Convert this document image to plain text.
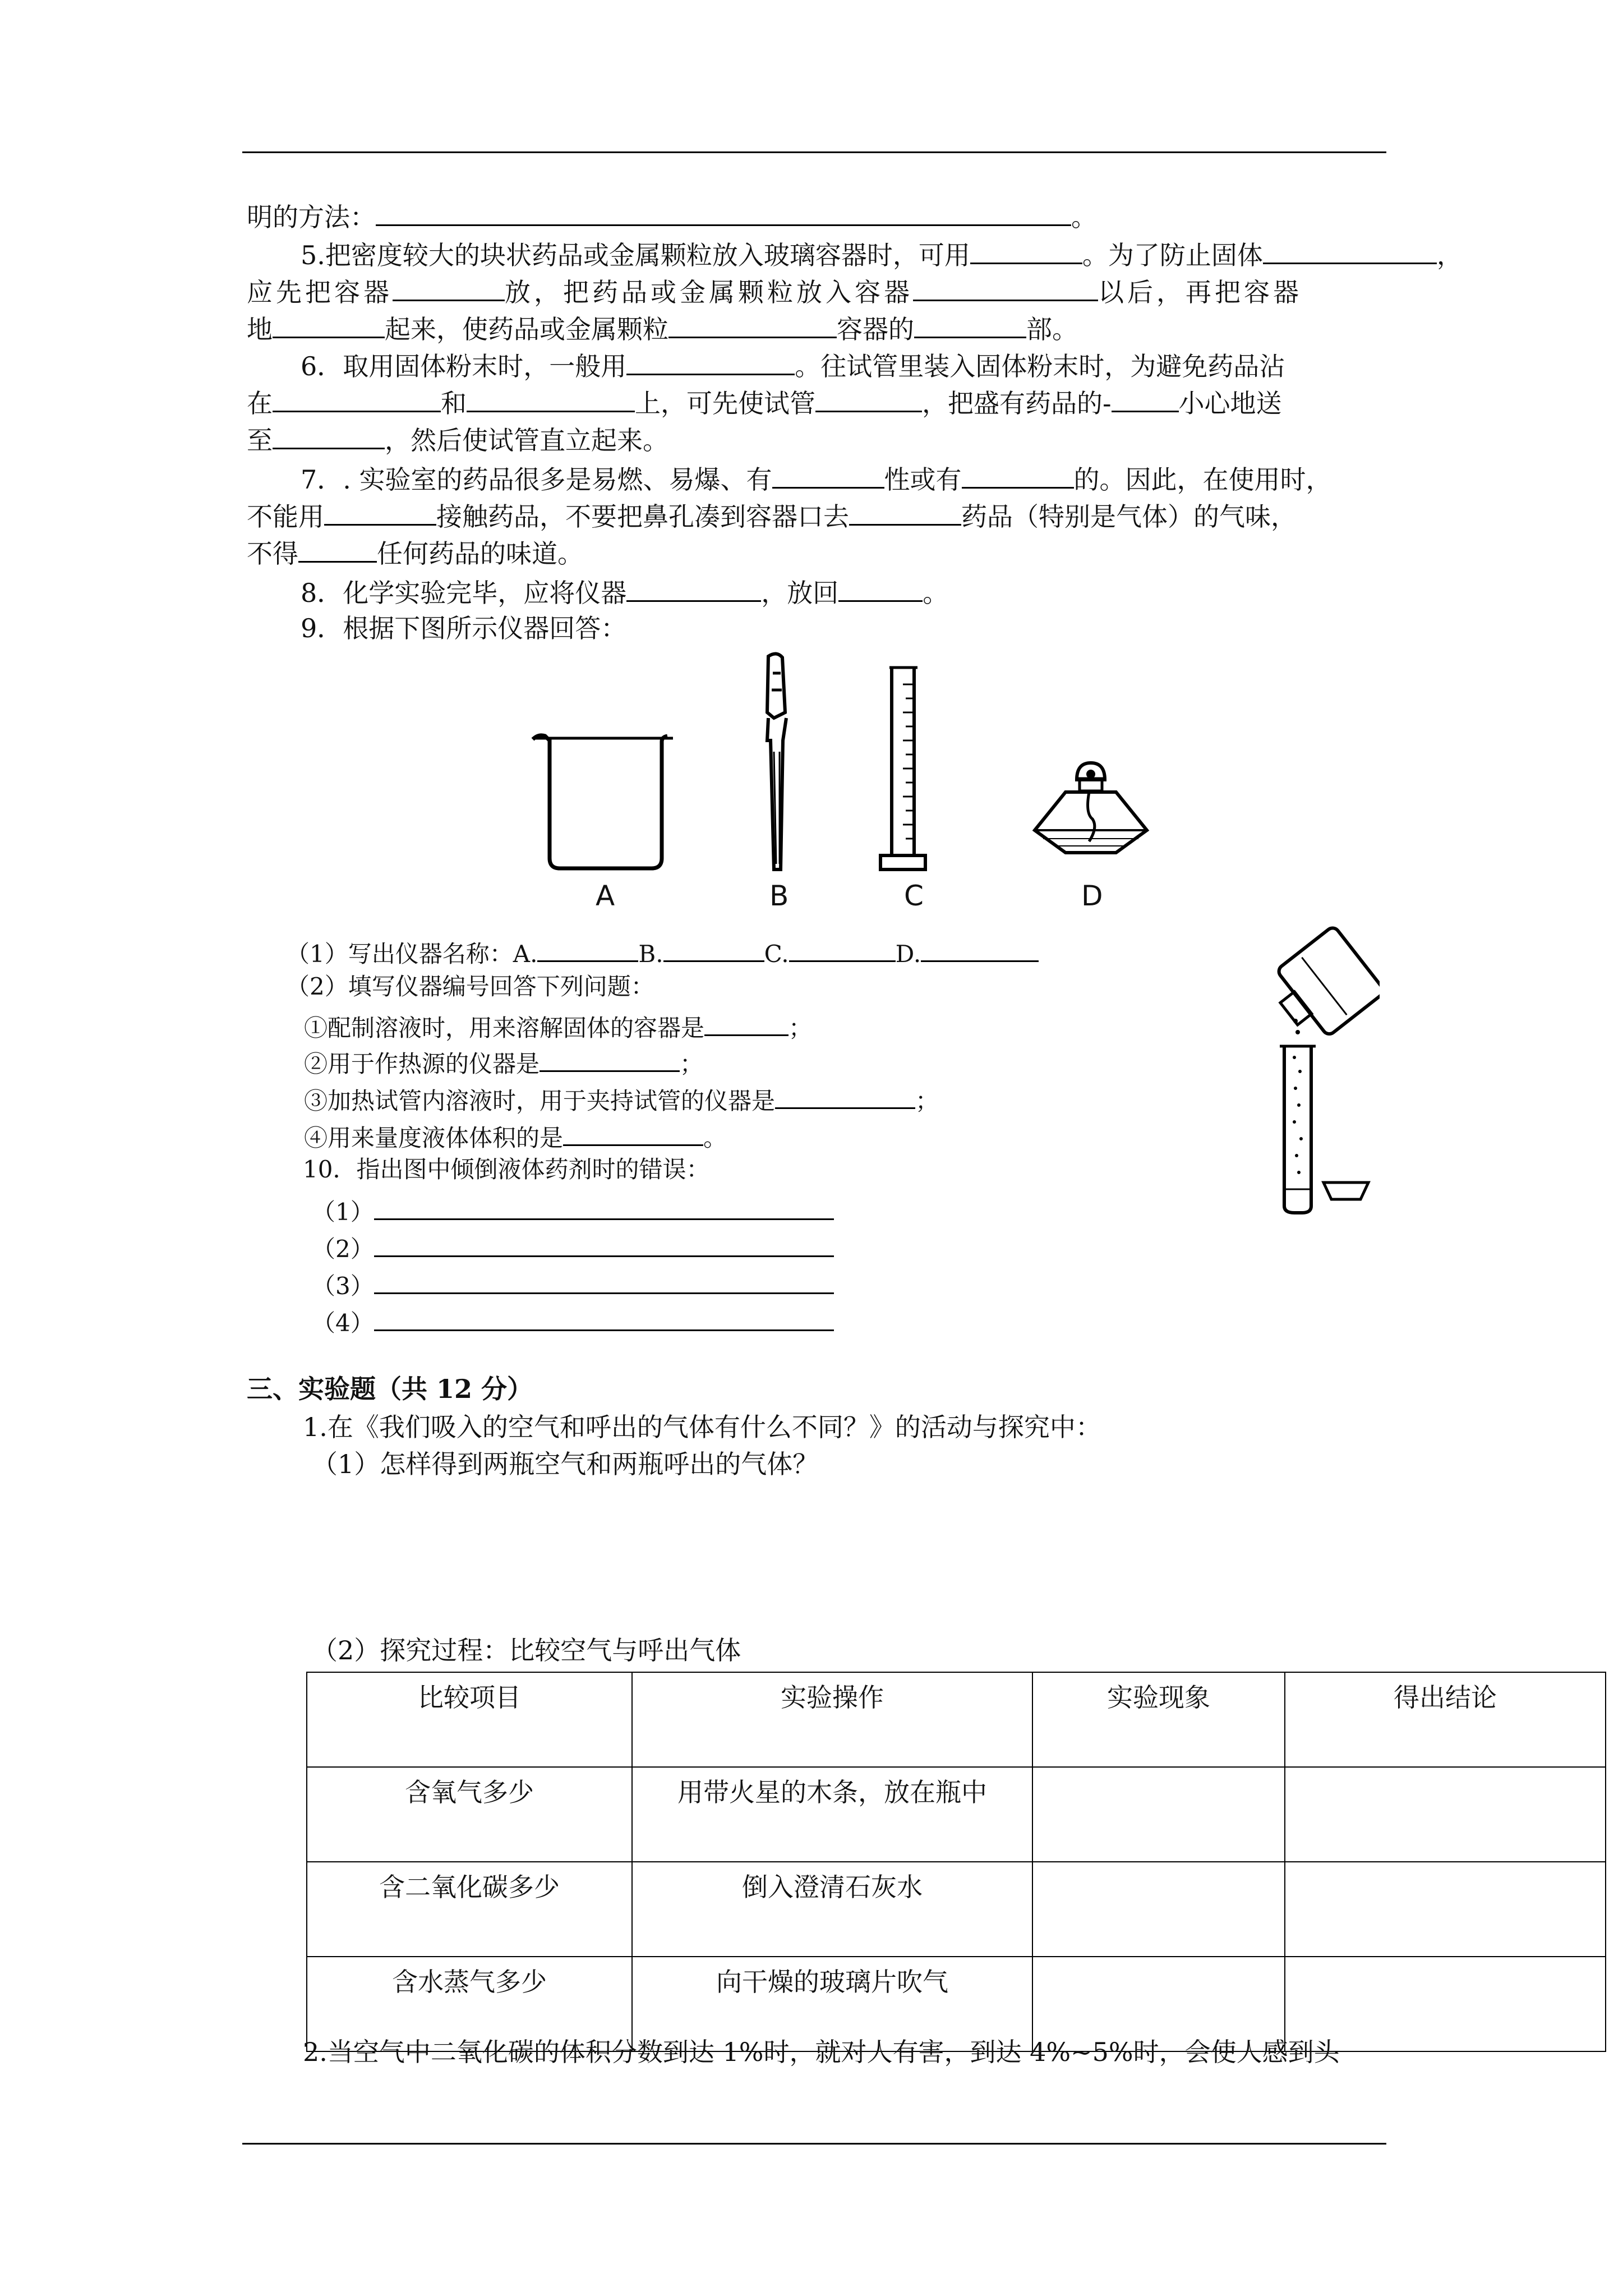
明的方法：	。
5.把密度较大的块状药品或金属颗粒放入玻璃容器时，可用	。为了防止固体	，
应先把容器	放，把药品或金属颗粒放入容器	以后，再把容器
地	起来，使药品或金属颗粒	容器的	部。
6．取用固体粉末时，一般用	。往试管里装入固体粉末时，为避免药品沾
在	和	上，可先使试管	，把盛有药品的-	小心地送
至	，然后使试管直立起来。
7．. 实验室的药品很多是易燃、易爆、有	性或有	的。因此，在使用时，
不能用	接触药品，不要把鼻孔凑到容器口去	药品（特别是气体）的气味，
不得	任何药品的味道。
8．化学实验完毕，应将仪器	，放回	。
9．根据下图所示仪器回答：
A	B	C	D
（1）写出仪器名称：A.	B.	C.	D.
（2）填写仪器编号回答下列问题：
①配制溶液时，用来溶解固体的容器是	；
②用于作热源的仪器是	；
③加热试管内溶液时，用于夹持试管的仪器是	；
④用来量度液体体积的是	。
10．指出图中倾倒液体药剂时的错误：
（1）
（2）
（3）
（4）
三、实验题（共 12 分）
1.在《我们吸入的空气和呼出的气体有什么不同？》的活动与探究中：
（1）怎样得到两瓶空气和两瓶呼出的气体？
（2）探究过程：比较空气与呼出气体
比较项目	实验操作	实验现象	得出结论
含氧气多少	用带火星的木条，放在瓶中		
含二氧化碳多少	倒入澄清石灰水		
含水蒸气多少	向干燥的玻璃片吹气		
2.当空气中二氧化碳的体积分数到达 1%时，就对人有害，到达 4%~5%时，会使人感到头
